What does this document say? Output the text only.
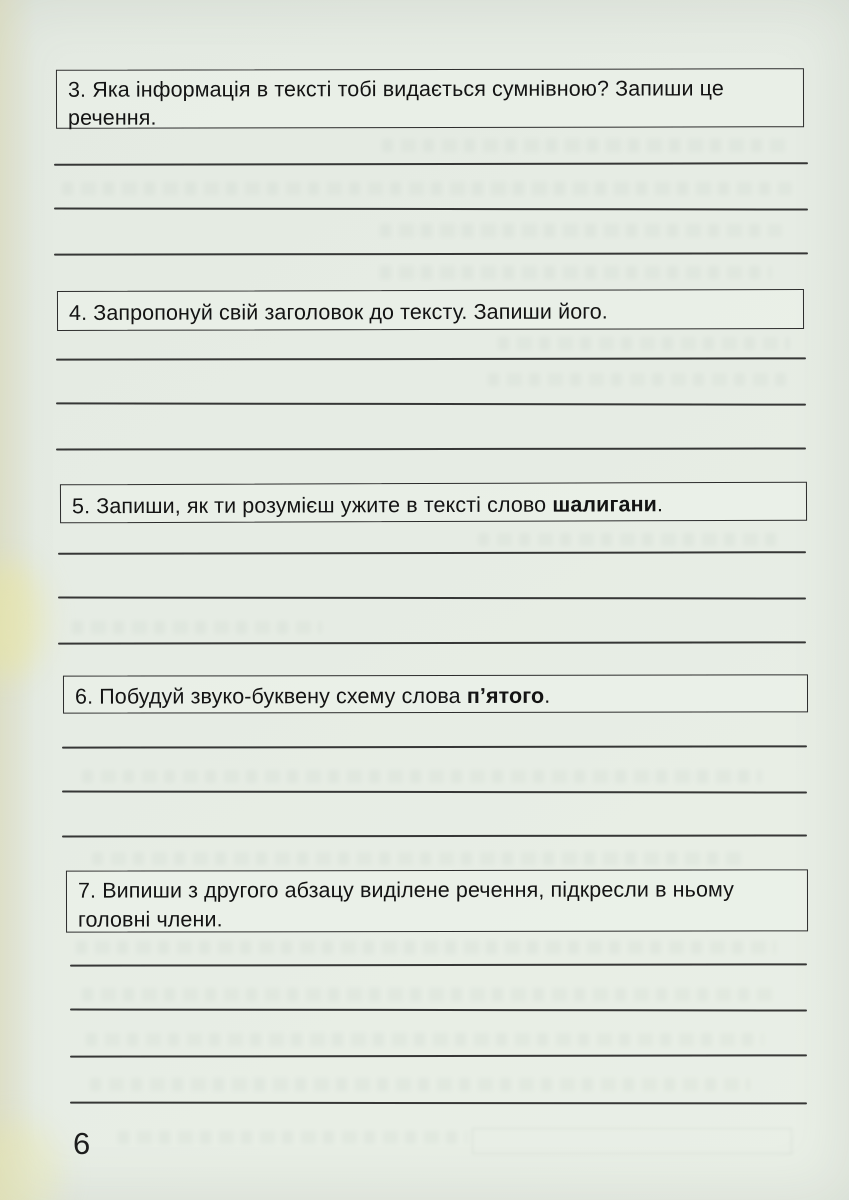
3. Яка інформація в тексті тобі видається сумнівною? Запиши це речення.

4. Запропонуй свій заголовок до тексту. Запиши його.

5. Запиши, як ти розумієш ужите в тексті слово шалигани.

6. Побудуй звуко-буквену схему слова п’ятого.

7. Випиши з другого абзацу виділене речення, підкресли в ньому головні члени.

6
